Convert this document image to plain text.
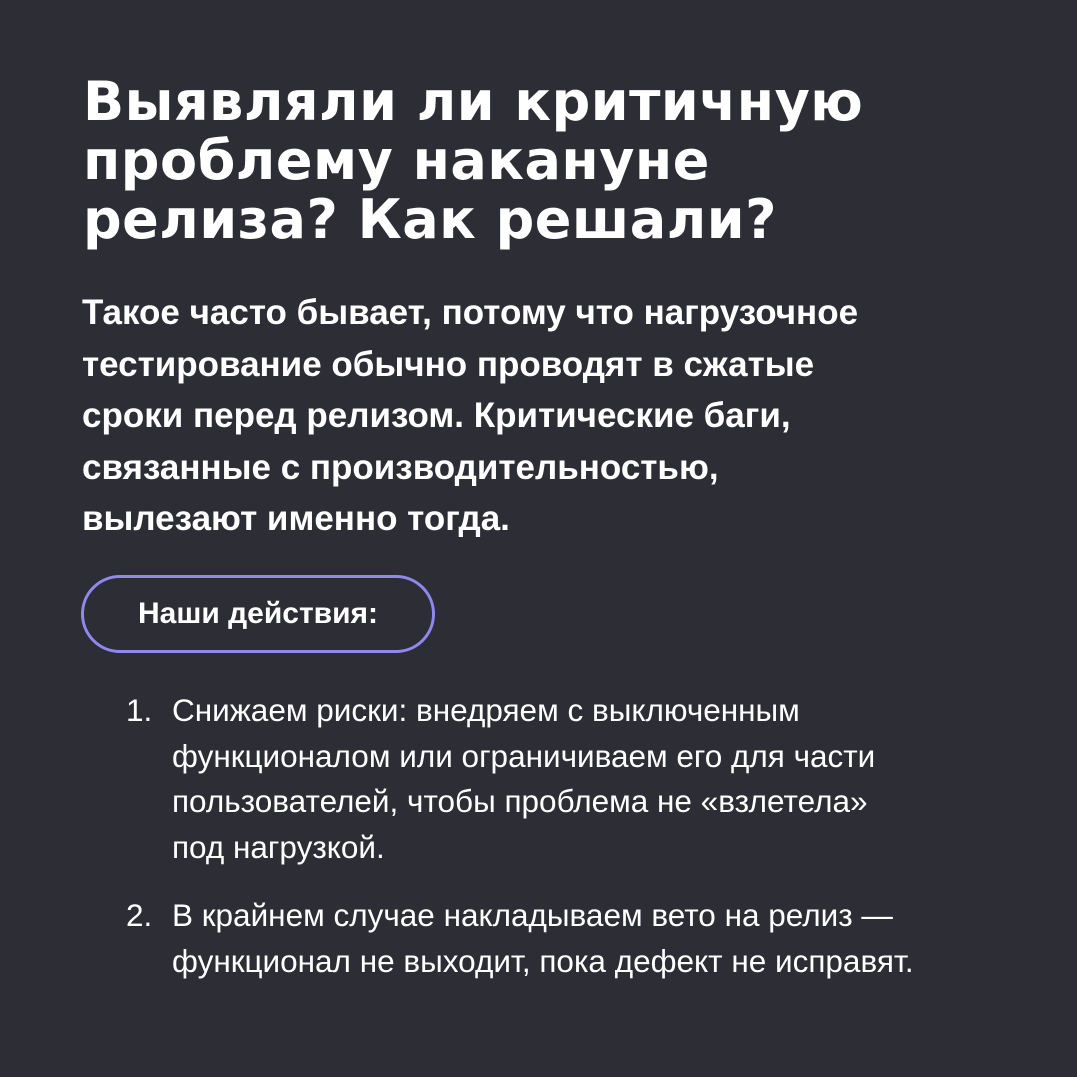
Выявляли ли критичную
проблему накануне
релиза? Как решали?

Такое часто бывает, потому что нагрузочное
тестирование обычно проводят в сжатые
сроки перед релизом. Критические баги,
связанные с производительностью,
вылезают именно тогда.

Наши действия:
1. Снижаем риски: внедряем с выключенным
функционалом или ограничиваем его для части
пользователей, чтобы проблема не «взлетела»
под нагрузкой.
2. В крайнем случае накладываем вето на релиз —
функционал не выходит, пока дефект не исправят.
